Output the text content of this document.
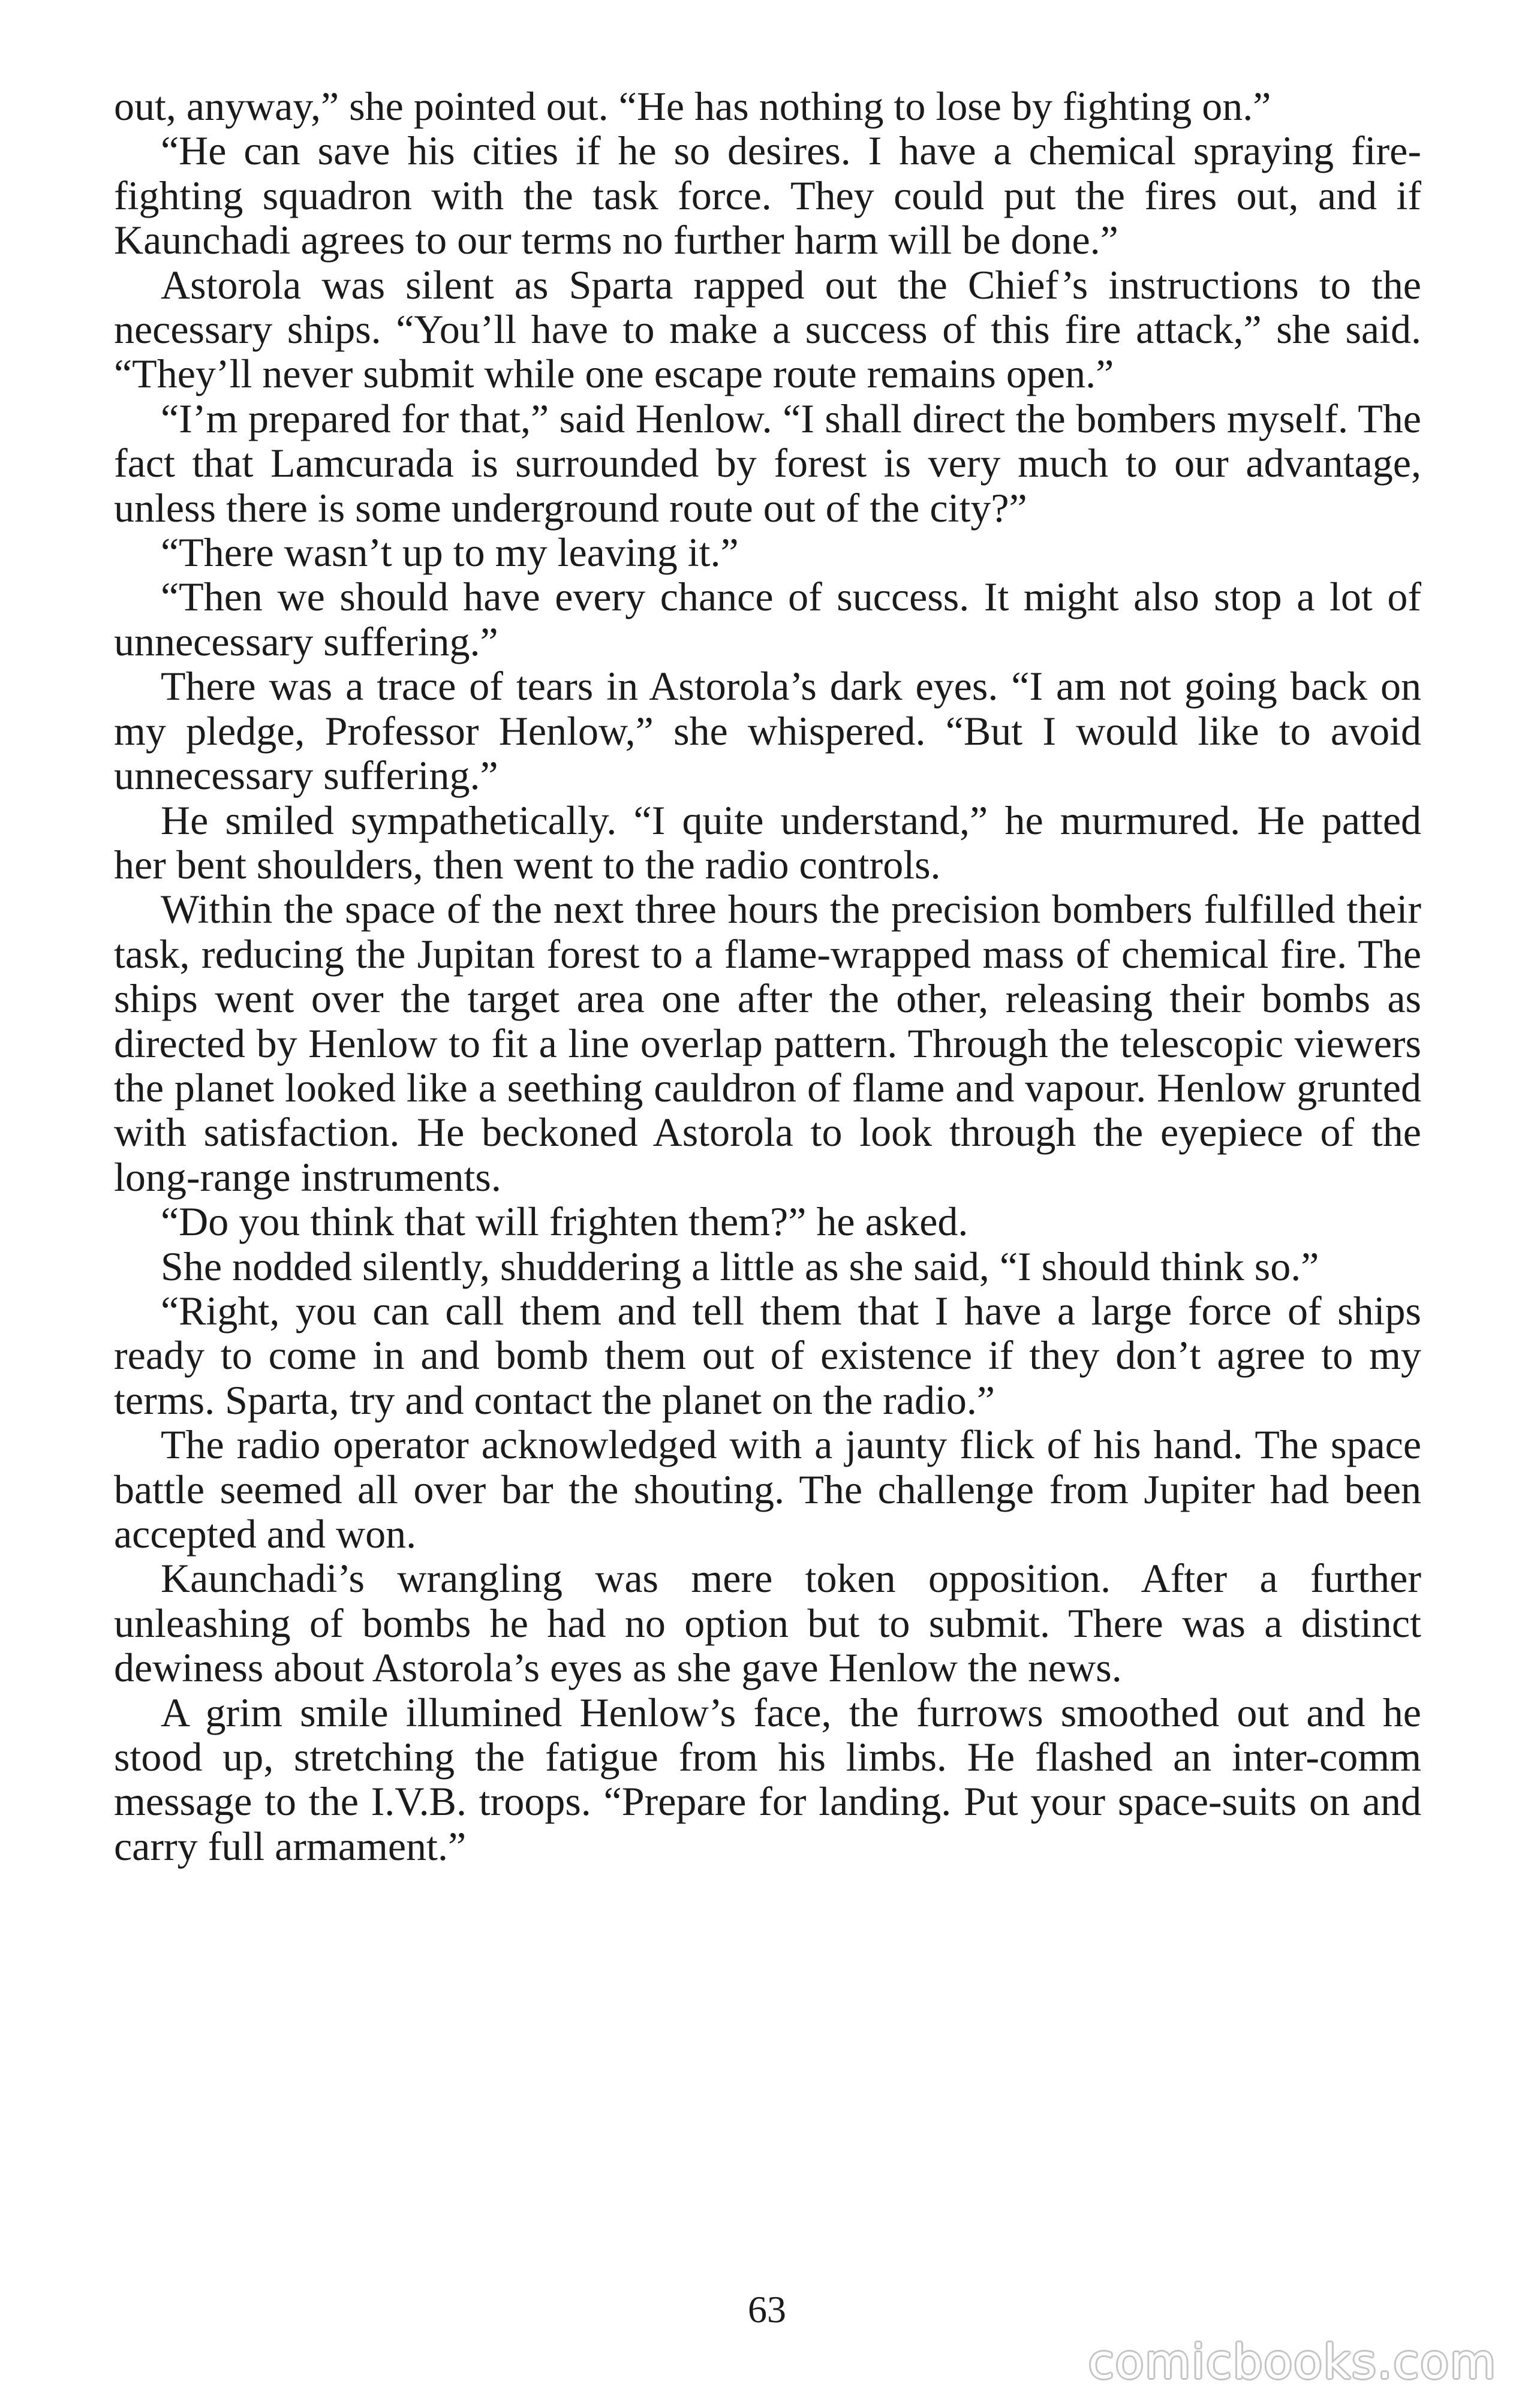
out, anyway,” she pointed out. “He has nothing to lose by fighting on.”

“He can save his cities if he so desires. I have a chemical spraying fire-fighting squadron with the task force. They could put the fires out, and if Kaunchadi agrees to our terms no further harm will be done.”

Astorola was silent as Sparta rapped out the Chief’s instructions to the necessary ships. “You’ll have to make a success of this fire attack,” she said. “They’ll never submit while one escape route remains open.”

“I’m prepared for that,” said Henlow. “I shall direct the bombers myself. The fact that Lamcurada is surrounded by forest is very much to our advantage, unless there is some underground route out of the city?”

“There wasn’t up to my leaving it.”

“Then we should have every chance of success. It might also stop a lot of unnecessary suffering.”

There was a trace of tears in Astorola’s dark eyes. “I am not going back on my pledge, Professor Henlow,” she whispered. “But I would like to avoid unnecessary suffering.”

He smiled sympathetically. “I quite understand,” he murmured. He patted her bent shoulders, then went to the radio controls.

Within the space of the next three hours the precision bombers fulfilled their task, reducing the Jupitan forest to a flame-wrapped mass of chemical fire. The ships went over the target area one after the other, releasing their bombs as directed by Henlow to fit a line overlap pattern. Through the telescopic viewers the planet looked like a seething cauldron of flame and vapour. Henlow grunted with satisfaction. He beckoned Astorola to look through the eyepiece of the long-range instruments.

“Do you think that will frighten them?” he asked.

She nodded silently, shuddering a little as she said, “I should think so.”

“Right, you can call them and tell them that I have a large force of ships ready to come in and bomb them out of existence if they don’t agree to my terms. Sparta, try and contact the planet on the radio.”

The radio operator acknowledged with a jaunty flick of his hand. The space battle seemed all over bar the shouting. The challenge from Jupiter had been accepted and won.

Kaunchadi’s wrangling was mere token opposition. After a further unleashing of bombs he had no option but to submit. There was a distinct dewiness about Astorola’s eyes as she gave Henlow the news.

A grim smile illumined Henlow’s face, the furrows smoothed out and he stood up, stretching the fatigue from his limbs. He flashed an inter-comm message to the I.V.B. troops. “Prepare for landing. Put your space-suits on and carry full armament.”

63
comicbooks.com
